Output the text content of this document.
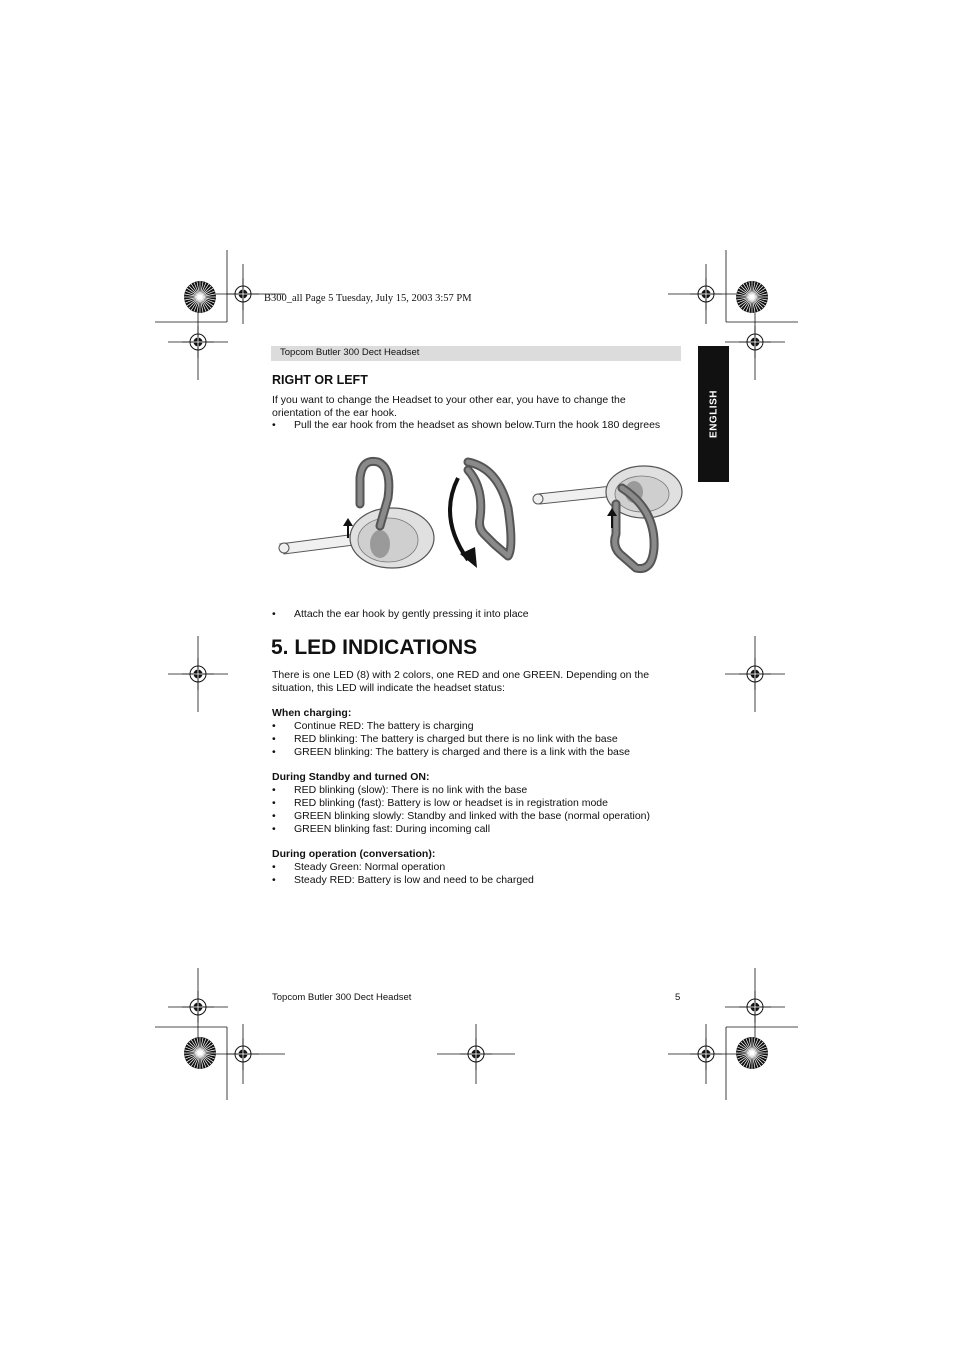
B300_all Page 5 Tuesday, July 15, 2003 3:57 PM
Topcom Butler 300 Dect Headset
ENGLISH
RIGHT OR LEFT
If you want to change the Headset to your other ear, you have to change the
orientation of the ear hook.
• Pull the ear hook from the headset as shown below.Turn the hook 180 degrees
• Attach the ear hook by gently pressing it into place
5. LED INDICATIONS
There is one LED (8) with 2 colors, one RED and one GREEN. Depending on the
situation, this LED will indicate the headset status:
When charging:
• Continue RED: The battery is charging
• RED blinking: The battery is charged but there is no link with the base
• GREEN blinking: The battery is charged and there is a link with the base
During Standby and turned ON:
• RED blinking (slow): There is no link with the base
• RED blinking (fast): Battery is low or headset is in registration mode
• GREEN blinking slowly: Standby and linked with the base (normal operation)
• GREEN blinking fast: During incoming call
During operation (conversation):
• Steady Green: Normal operation
• Steady RED: Battery is low and need to be charged
Topcom Butler 300 Dect Headset	5
